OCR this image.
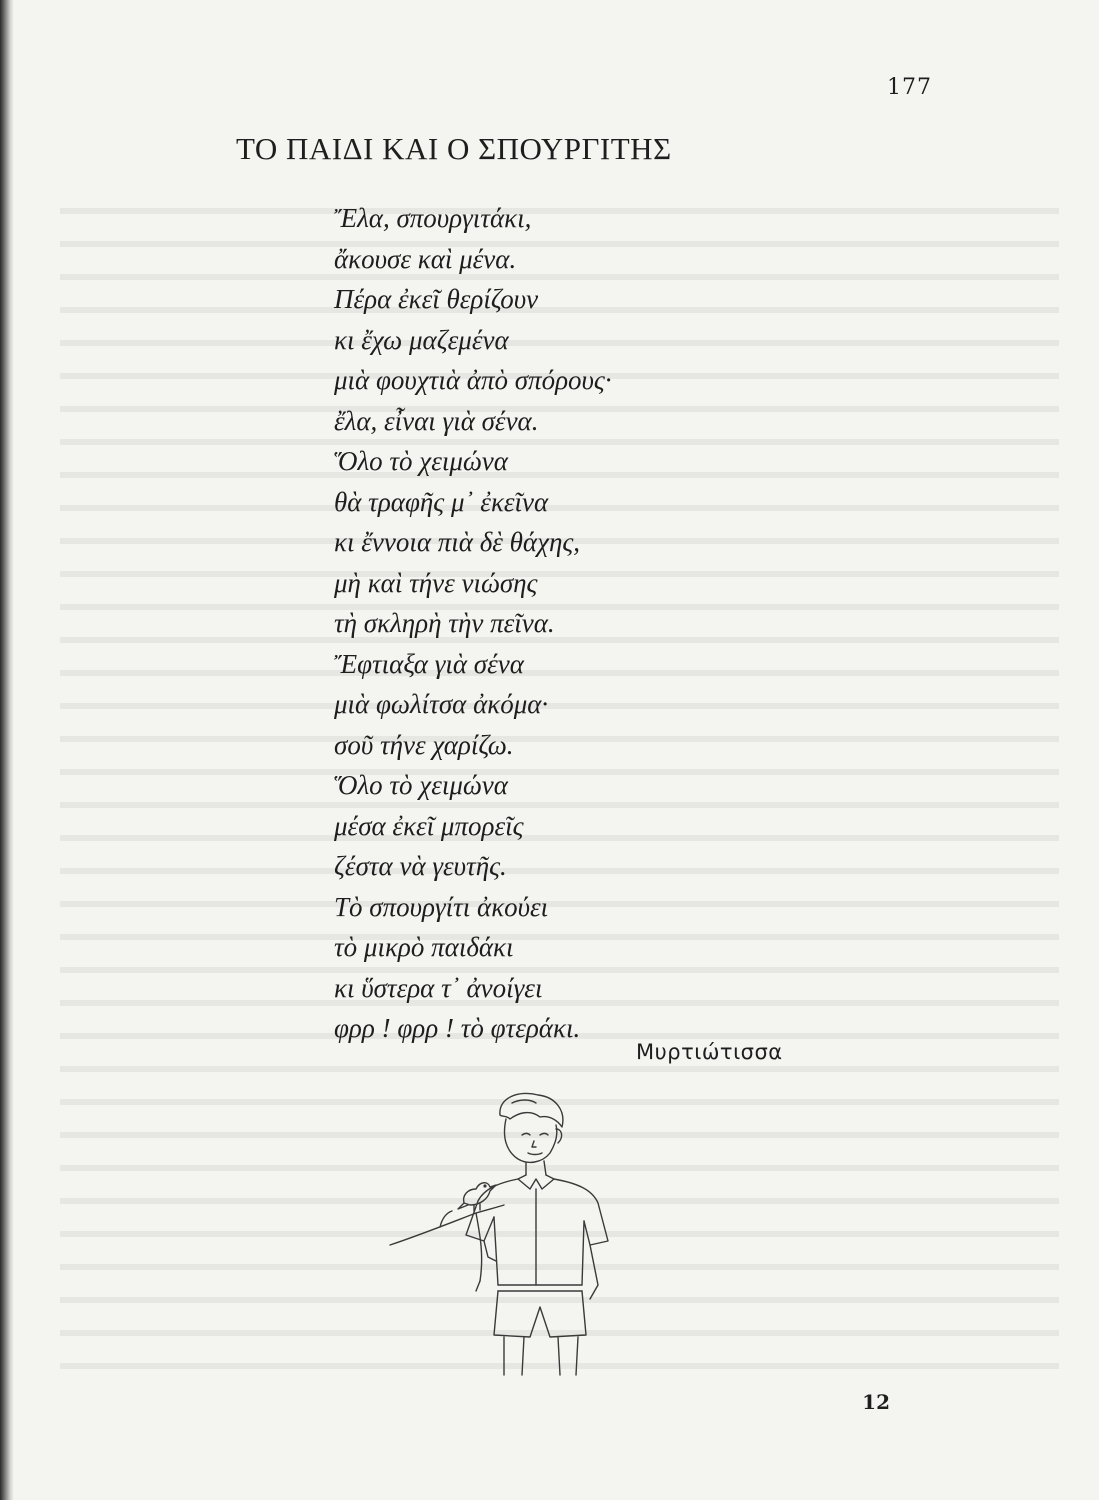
177
ΤΟ ΠΑΙΔΙ ΚΑΙ Ο ΣΠΟΥΡΓΙΤΗΣ
Ἔλα, σπουργιτάκι,
ἄκουσε καὶ μένα.
Πέρα ἐκεῖ θερίζουν
κι ἔχω μαζεμένα
μιὰ φουχτιὰ ἀπὸ σπόρους·
ἔλα, εἶναι γιὰ σένα.
Ὅλο τὸ χειμώνα
θὰ τραφῆς μ᾿ ἐκεῖνα
κι ἔννοια πιὰ δὲ θάχης,
μὴ καὶ τήνε νιώσης
τὴ σκληρὴ τὴν πεῖνα.
Ἔφτιαξα γιὰ σένα
μιὰ φωλίτσα ἀκόμα·
σοῦ τήνε χαρίζω.
Ὅλο τὸ χειμώνα
μέσα ἐκεῖ μπορεῖς
ζέστα νὰ γευτῆς.
Τὸ σπουργίτι ἀκούει
τὸ μικρὸ παιδάκι
κι ὕστερα τ᾿ ἀνοίγει
φρρ ! φρρ ! τὸ φτεράκι.
Μυρτιώτισσα
12
